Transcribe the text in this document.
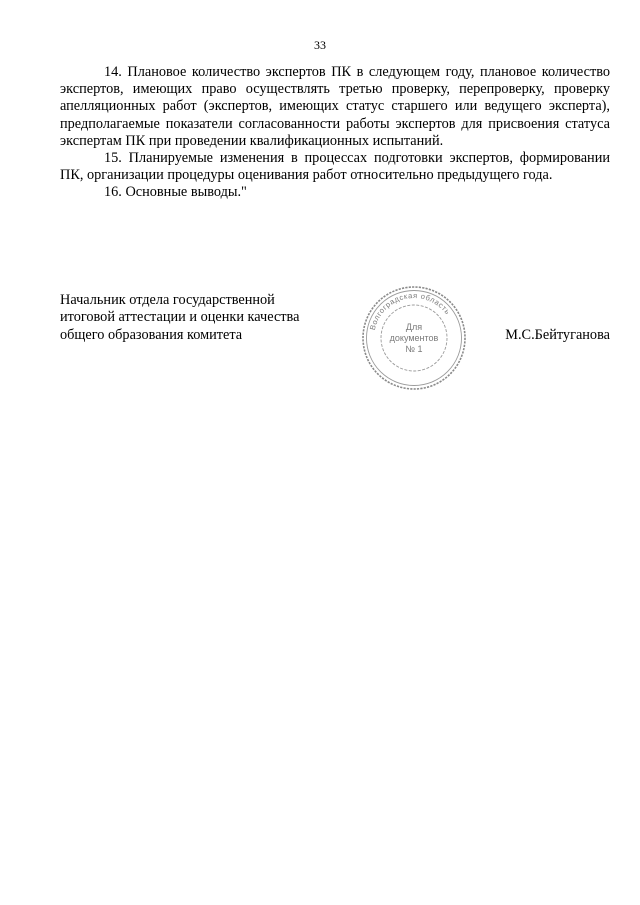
33

14. Плановое количество экспертов ПК в следующем году, плановое количество экспертов, имеющих право осуществлять третью проверку, перепроверку, проверку апелляционных работ (экспертов, имеющих статус старшего или ведущего эксперта), предполагаемые показатели согласованности работы экспертов для присвоения статуса экспертам ПК при проведении квалификационных испытаний.

15. Планируемые изменения в процессах подготовки экспертов, формировании ПК, организации процедуры оценивания работ относительно предыдущего года.

16. Основные выводы."

Начальник отдела государственной
итоговой аттестации и оценки качества
общего образования комитета	Волгоградская область
Для
документов
№ 1
М.С.Бейтуганова
